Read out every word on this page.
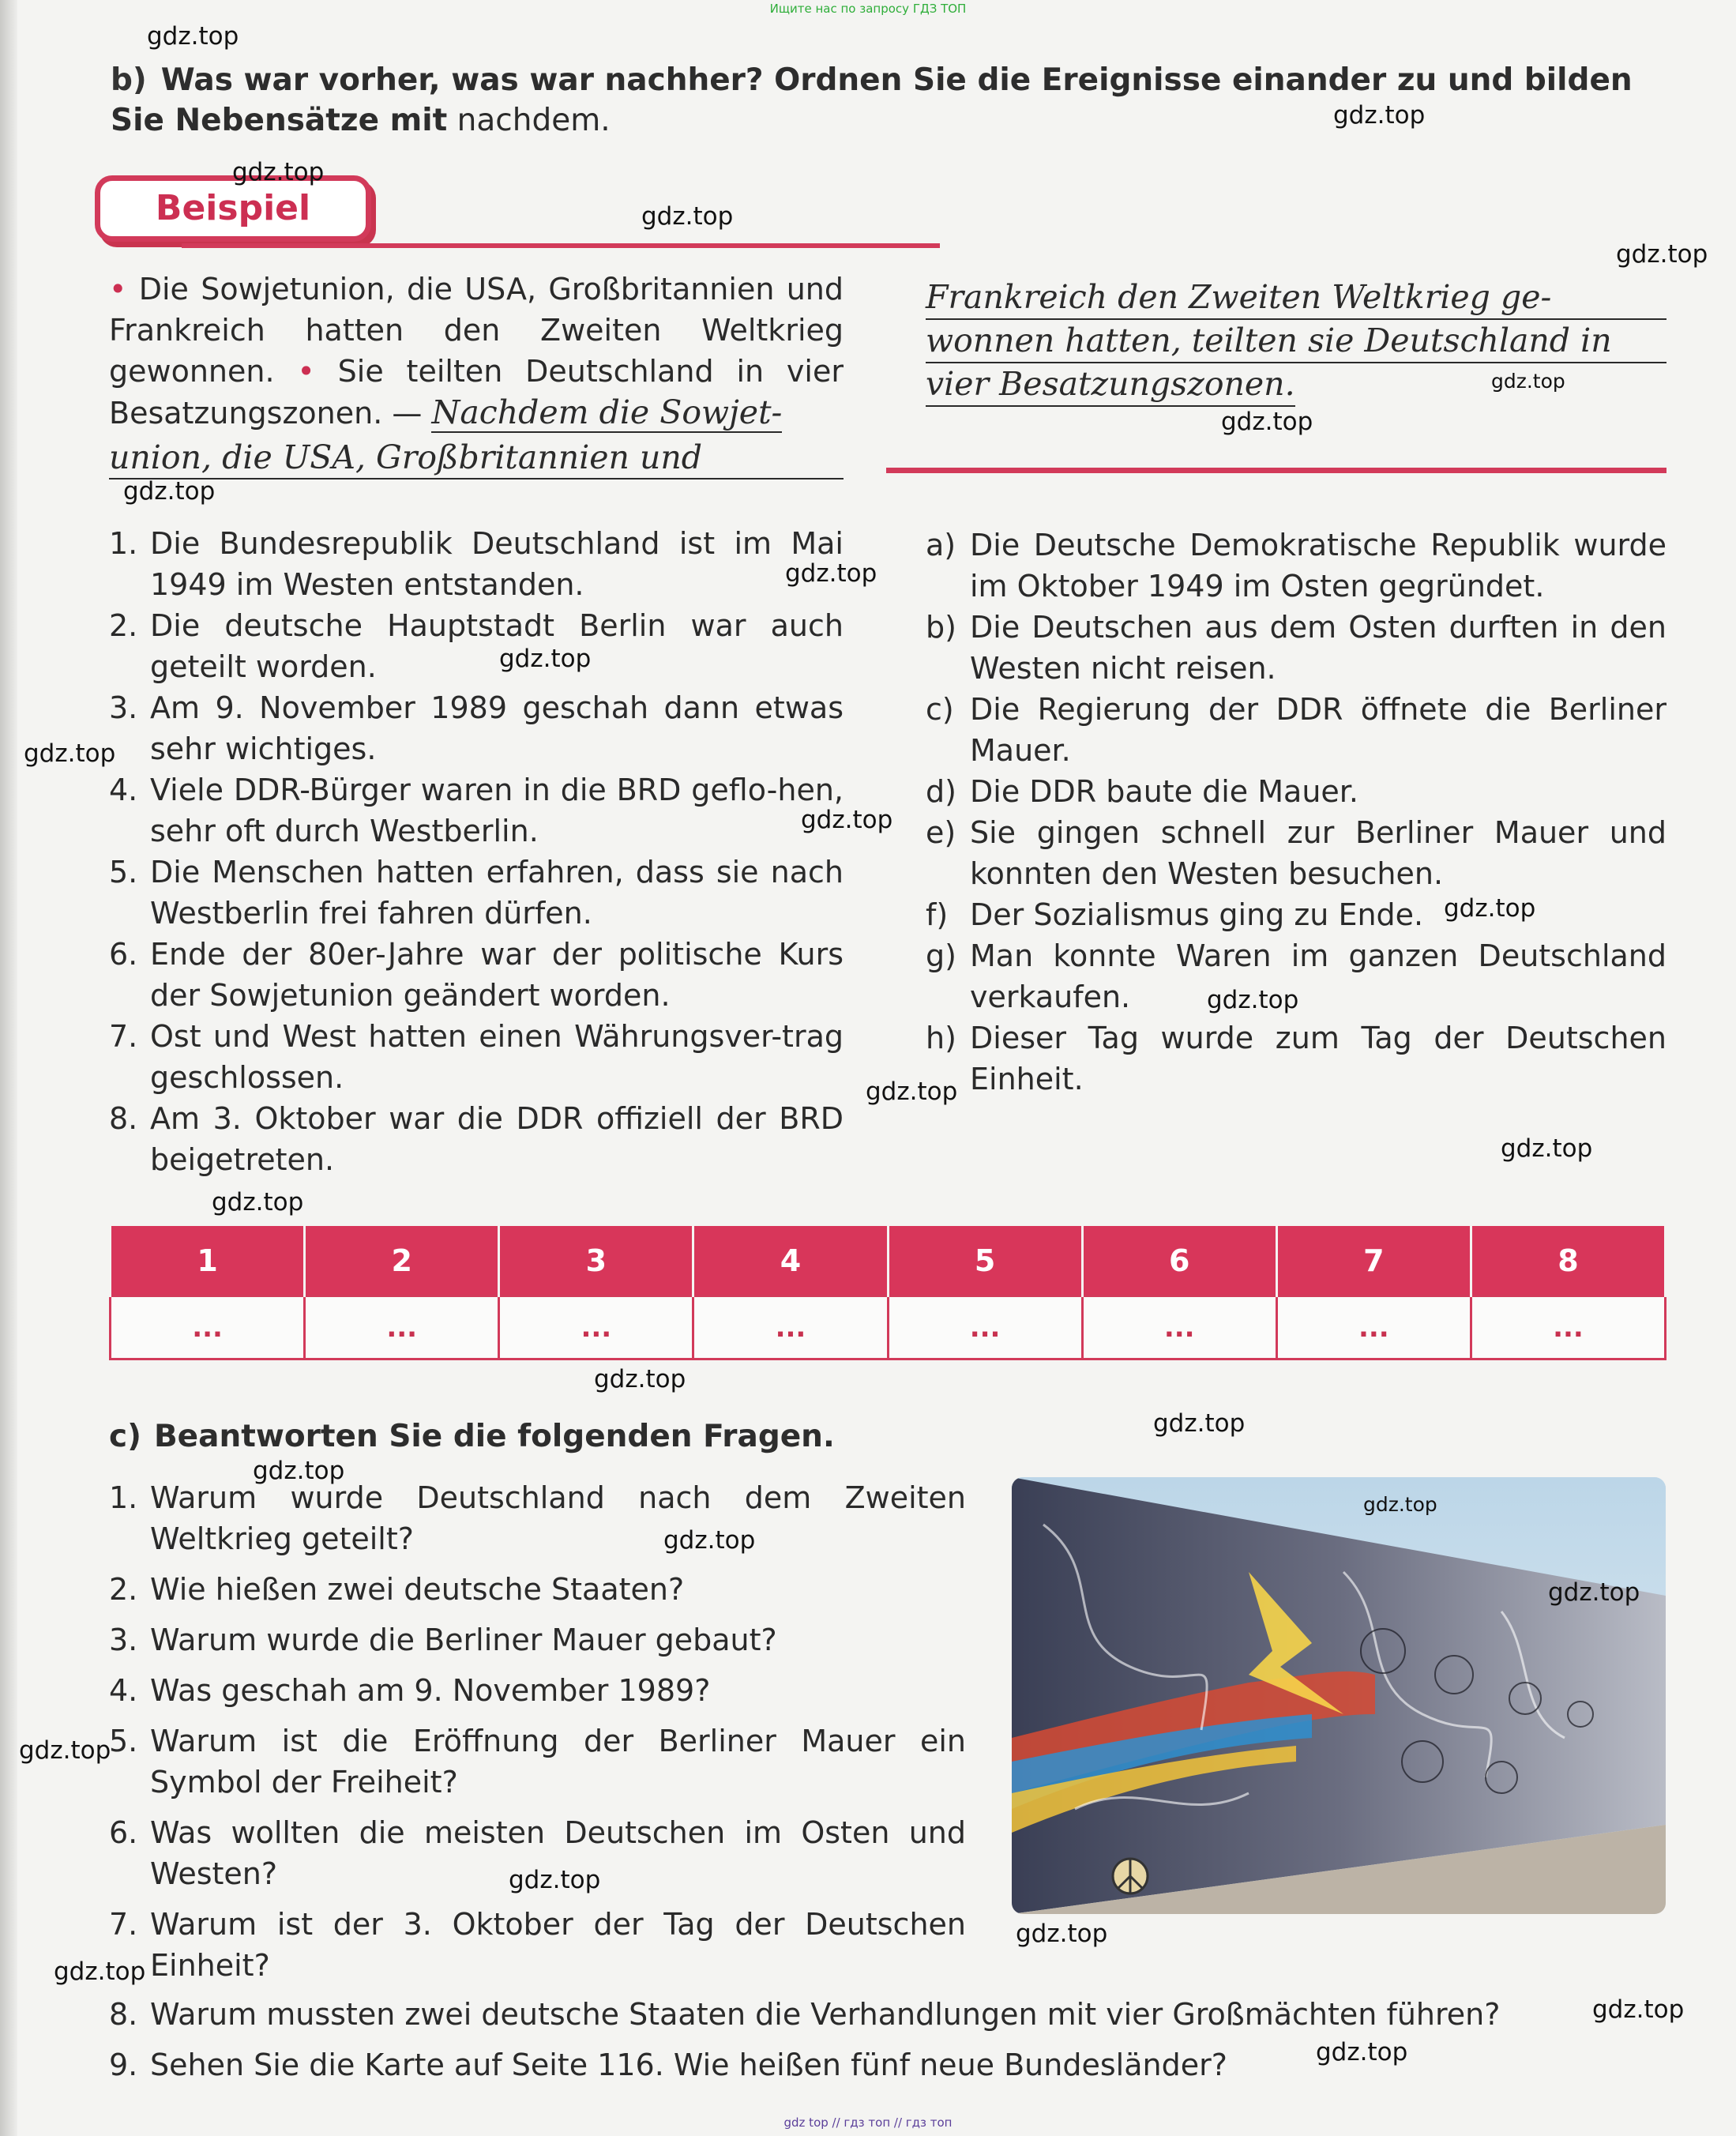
Ищите нас по запросу ГДЗ ТОП
b) Was war vorher, was war nachher? Ordnen Sie die Ereignisse einander zu und bilden Sie Nebensätze mit nachdem.
Beispiel
• Die Sowjetunion, die USA, Großbritannien und Frankreich hatten den Zweiten Weltkrieg gewonnen. • Sie teilten Deutschland in vier Besatzungszonen. — Nachdem die Sowjet-
union, die USA, Großbritannien und
Frankreich den Zweiten Weltkrieg ge-
wonnen hatten, teilten sie Deutschland in
vier Besatzungszonen.
1. Die Bundesrepublik Deutschland ist im Mai 1949 im Westen entstanden.
2. Die deutsche Hauptstadt Berlin war auch geteilt worden.
3. Am 9. November 1989 geschah dann etwas sehr wichtiges.
4. Viele DDR-Bürger waren in die BRD geflo-hen, sehr oft durch Westberlin.
5. Die Menschen hatten erfahren, dass sie nach Westberlin frei fahren dürfen.
6. Ende der 80er-Jahre war der politische Kurs der Sowjetunion geändert worden.
7. Ost und West hatten einen Währungsver-trag geschlossen.
8. Am 3. Oktober war die DDR offiziell der BRD beigetreten.
a) Die Deutsche Demokratische Republik wurde im Oktober 1949 im Osten gegründet.
b) Die Deutschen aus dem Osten durften in den Westen nicht reisen.
c) Die Regierung der DDR öffnete die Berliner Mauer.
d) Die DDR baute die Mauer.
e) Sie gingen schnell zur Berliner Mauer und konnten den Westen besuchen.
f) Der Sozialismus ging zu Ende.
g) Man konnte Waren im ganzen Deutschland verkaufen.
h) Dieser Tag wurde zum Tag der Deutschen Einheit.
1	2	3	4	5	6	7	8
...	...	...	...	...	...	...	...
c) Beantworten Sie die folgenden Fragen.
1. Warum wurde Deutschland nach dem Zweiten Weltkrieg geteilt?
2. Wie hießen zwei deutsche Staaten?
3. Warum wurde die Berliner Mauer gebaut?
4. Was geschah am 9. November 1989?
5. Warum ist die Eröffnung der Berliner Mauer ein Symbol der Freiheit?
6. Was wollten die meisten Deutschen im Osten und Westen?
7. Warum ist der 3. Oktober der Tag der Deutschen Einheit?
8. Warum mussten zwei deutsche Staaten die Verhandlungen mit vier Großmächten führen?
9. Sehen Sie die Karte auf Seite 116. Wie heißen fünf neue Bundesländer?
gdz.top
gdz.top
gdz.top
gdz.top
gdz.top
gdz.top
gdz.top
gdz.top
gdz.top
gdz.top
gdz.top
gdz.top
gdz.top
gdz.top
gdz.top
gdz.top
gdz.top
gdz.top
gdz.top
gdz.top
gdz.top
gdz.top
gdz.top
gdz.top
gdz.top
gdz.top
gdz.top
gdz.top
gdz.top
gdz top // гдз топ // гдз топ
